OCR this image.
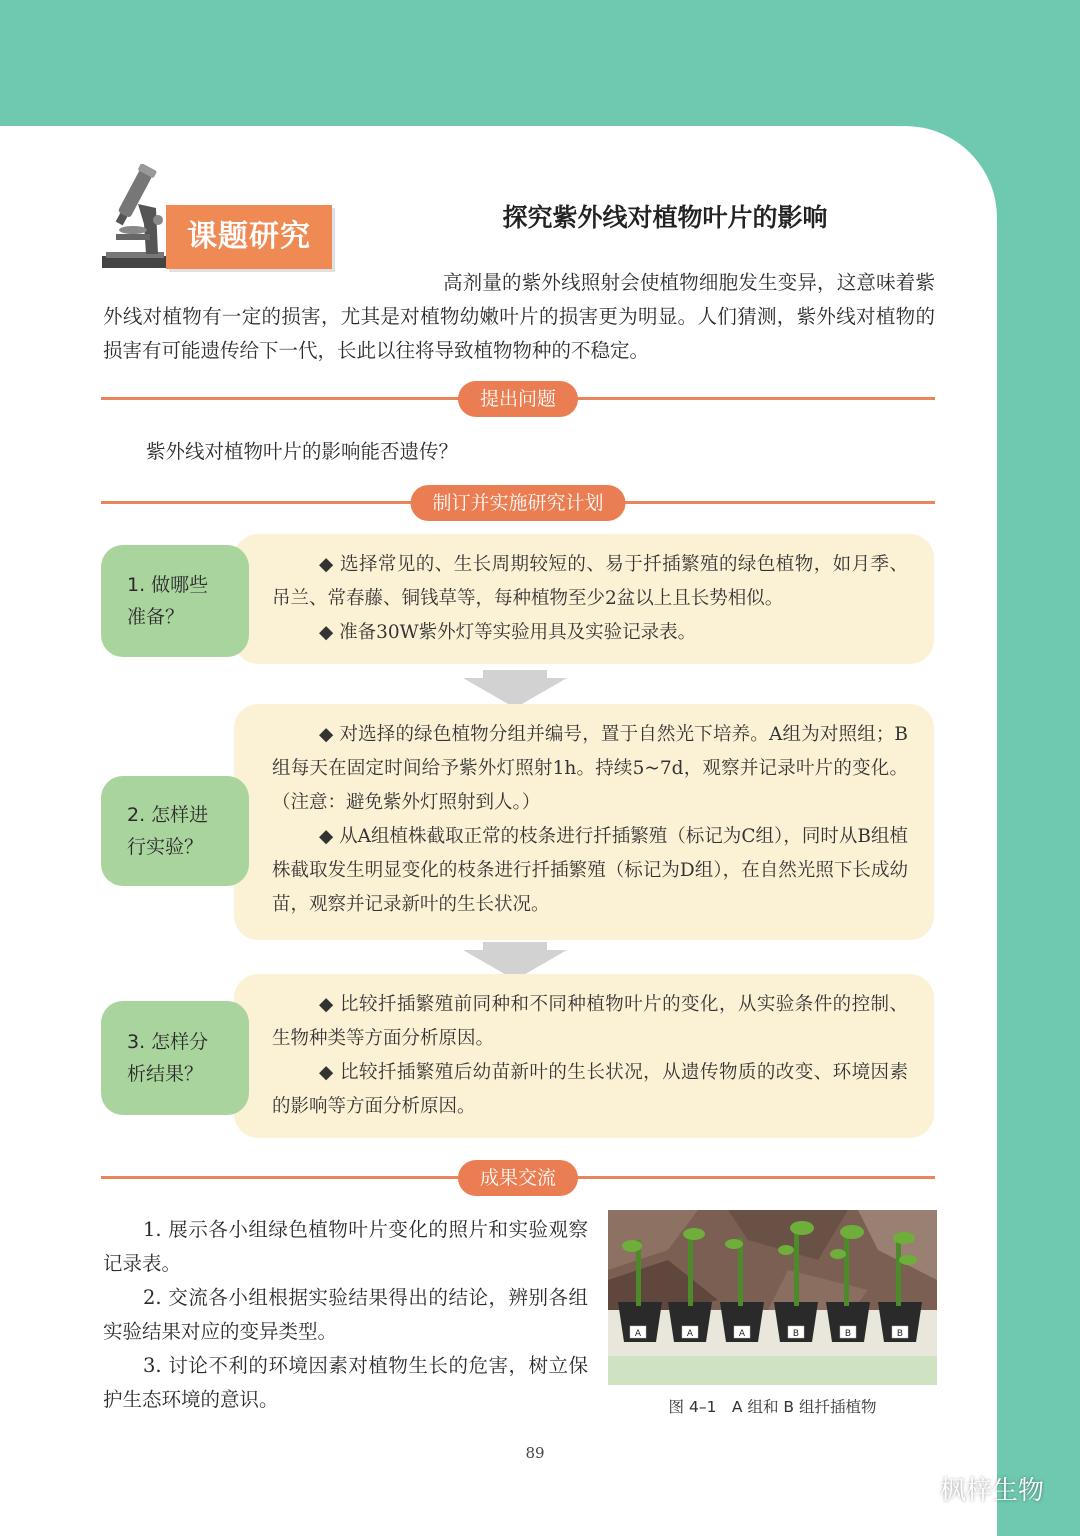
课题研究
探究紫外线对植物叶片的影响
高剂量的紫外线照射会使植物细胞发生变异，这意味着紫外线对植物有一定的损害，尤其是对植物幼嫩叶片的损害更为明显。人们猜测，紫外线对植物的损害有可能遗传给下一代，长此以往将导致植物物种的不稳定。
提出问题
紫外线对植物叶片的影响能否遗传？
制订并实施研究计划

◆ 选择常见的、生长周期较短的、易于扦插繁殖的绿色植物，如月季、吊兰、常春藤、铜钱草等，每种植物至少2盆以上且长势相似。

◆ 准备30W紫外灯等实验用具及实验记录表。

1. 做哪些准备？

◆ 对选择的绿色植物分组并编号，置于自然光下培养。A组为对照组；B组每天在固定时间给予紫外灯照射1h。持续5~7d，观察并记录叶片的变化。（注意：避免紫外灯照射到人。）

◆ 从A组植株截取正常的枝条进行扦插繁殖（标记为C组），同时从B组植株截取发生明显变化的枝条进行扦插繁殖（标记为D组），在自然光照下长成幼苗，观察并记录新叶的生长状况。

2. 怎样进行实验？

◆ 比较扦插繁殖前同种和不同种植物叶片的变化，从实验条件的控制、生物种类等方面分析原因。

◆ 比较扦插繁殖后幼苗新叶的生长状况，从遗传物质的改变、环境因素的影响等方面分析原因。

3. 怎样分析结果？
成果交流

1. 展示各小组绿色植物叶片变化的照片和实验观察记录表。

2. 交流各小组根据实验结果得出的结论，辨别各组实验结果对应的变异类型。

3. 讨论不利的环境因素对植物生长的危害，树立保护生态环境的意识。

A	A	A	B	B	B
图 4–1　A 组和 B 组扦插植物
89
枫梓生物
